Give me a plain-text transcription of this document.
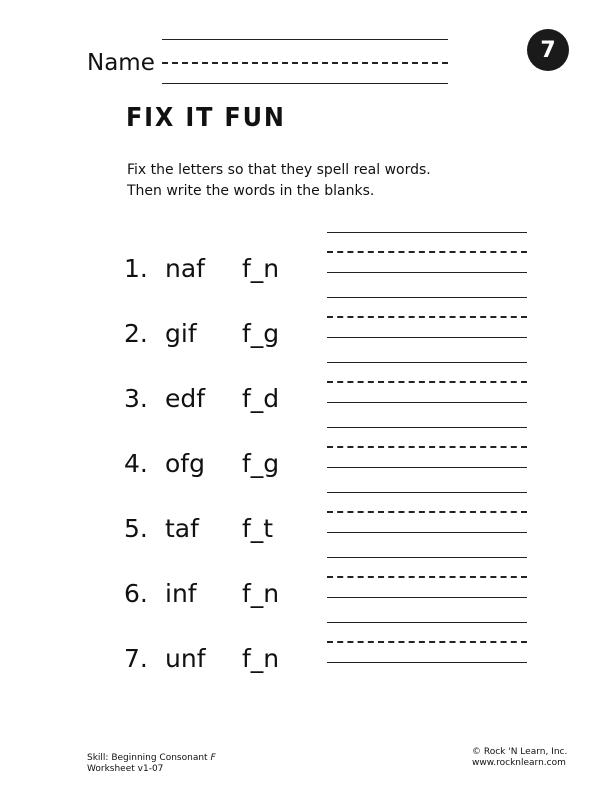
Name	7
FIX IT FUN
Fix the letters so that they spell real words.
Then write the words in the blanks.
1. naf f_n
2. gif f_g
3. edf f_d
4. ofg f_g
5. taf f_t
6. inf f_n
7. unf f_n
Skill: Beginning Consonant F
Worksheet v1-07
© Rock 'N Learn, Inc.
www.rocknlearn.com
